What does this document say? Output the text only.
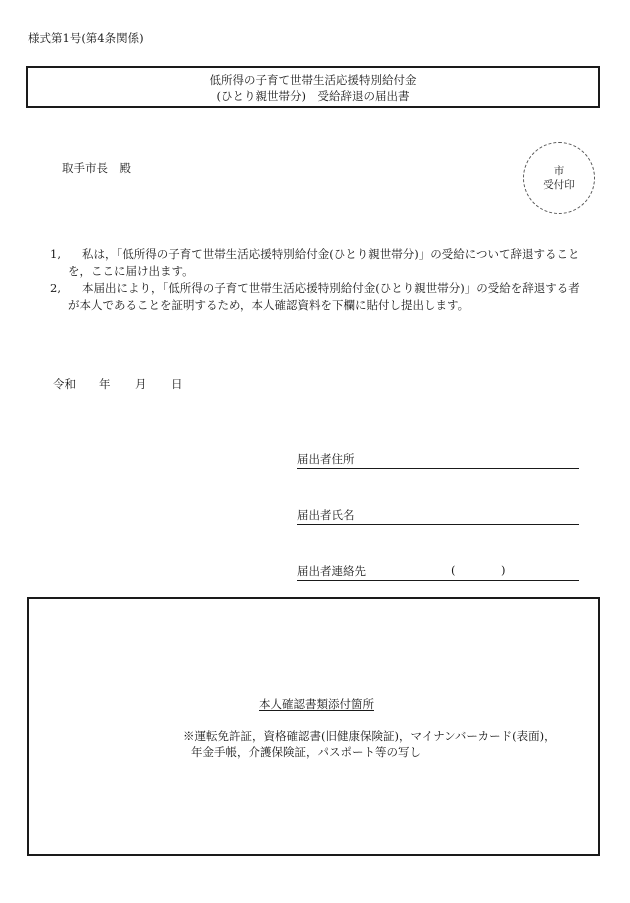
様式第1号(第4条関係)
低所得の子育て世帯生活応援特別給付金
(ひとり親世帯分)　受給辞退の届出書
取手市長　殿	市
受付印
1,	私は，「低所得の子育て世帯生活応援特別給付金(ひとり親世帯分)」の受給について辞退することを，ここに届け出ます。
2,	本届出により，「低所得の子育て世帯生活応援特別給付金(ひとり親世帯分)」の受給を辞退する者が本人であることを証明するため，本人確認資料を下欄に貼付し提出します。
令和	年	月	日
届出者住所
届出者氏名
届出者連絡先	(	)
本人確認書類添付箇所
※運転免許証，資格確認書(旧健康保険証)，マイナンバーカード(表面)，
年金手帳，介護保険証，パスポート等の写し
